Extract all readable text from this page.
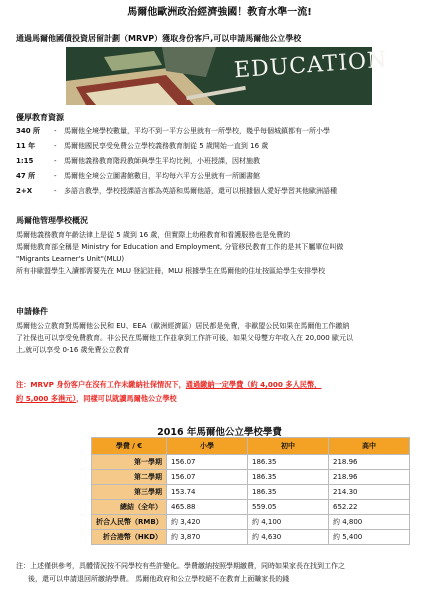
馬爾他歐洲政治經濟強國！教育水準一流!
通過馬爾他國債投資居留計劃（MRVP）獲取身份客戶,可以申請馬爾他公立學校
EDUCATION
優厚教育資源
340 所 - 馬爾他全境學校數量，平均不到一平方公里就有一所學校，幾乎每個城鎮都有一所小學
11 年	- 馬爾他國民享受免費公立學校義務教育制從 5 歲開始一直到 16 歲
1:15	- 馬爾他義務教育階段教師與學生平均比例，小班授課，因材施教
47 所	- 馬爾他全境公立圖書館數目，平均每六平方公里就有一所圖書館
2+X	- 多語言教學，學校授課語言都為英語和馬爾他語，還可以根據個人愛好學習其他歐洲語種
馬爾他管理學校概況
馬爾他義務教育年齡法律上是從 5 歲到 16 歲，但實際上幼稚教育和看護服務也是免費的
馬爾他教育部全稱是 Ministry for Education and Employment, 分管移民教育工作的是其下屬單位叫做
"Migrants Learner's Unit"(MLU)
所有非歐盟學生入讀都需要先在 MLU 登記註冊，MLU 根據學生在馬爾他的住址按區給學生安排學校
申請條件
馬爾他公立教育對馬爾他公民和 EU、EEA（歐洲經濟區）居民都是免費，非歐盟公民如果在馬爾他工作繳納
了社保也可以享受免費教育。非公民在馬爾他工作並拿到工作許可後，如果父母雙方年收入在 20,000 歐元以
上,就可以享受 0-16 歲免費公立教育
注：MRVP 身份客户在沒有工作未繳納社保情況下，通過繳納一定學費（約 4,000 多人民幣，
約 5,000 多港元），同樣可以就讀馬爾他公立學校
2016 年馬爾他公立學校學費
學費 / €	小學	初中	高中
第一學期	156.07	186.35	218.96
第二學期	156.07	186.35	218.96
第三學期	153.74	186.35	214.30
總結（全年）	465.88	559.05	652.22
折合人民幣（RMB）	約 3,420	約 4,100	約 4,800
折合港幣（HKD）	約 3,870	約 4,630	約 5,400
注：上述僅供參考，具體情況按不同學校有些許變化。學費繳納按照學期繳費，同時如果家長在找到工作之
後，還可以申請退回所繳納學費。 馬爾他政府和公立學校絕不在教育上面賺家長的錢
